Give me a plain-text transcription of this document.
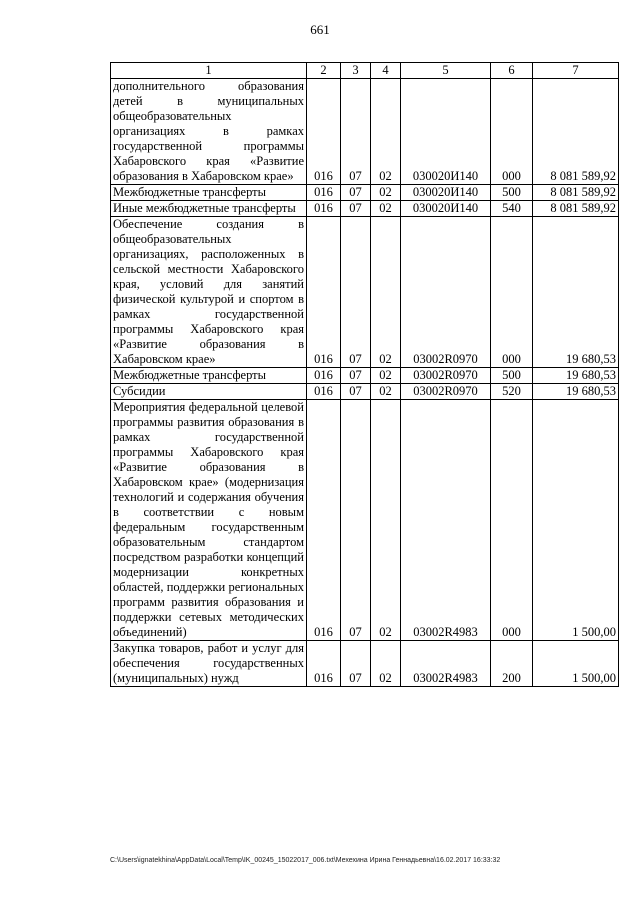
661
1	2	3	4	5	6	7
дополнительного образования детей в муниципальных общеобразовательных организациях в рамках государственной программы Хабаровского края «Развитие образования в Хабаровском крае»	016	07	02	030020И140	000	8 081 589,92
Межбюджетные трансферты	016	07	02	030020И140	500	8 081 589,92
Иные межбюджетные трансферты	016	07	02	030020И140	540	8 081 589,92
Обеспечение создания в общеобразовательных организациях, расположенных в сельской местности Хабаровского края, условий для занятий физической культурой и спортом в рамках государственной программы Хабаровского края «Развитие образования в Хабаровском крае»	016	07	02	03002R0970	000	19 680,53
Межбюджетные трансферты	016	07	02	03002R0970	500	19 680,53
Субсидии	016	07	02	03002R0970	520	19 680,53
Мероприятия федеральной целевой программы развития образования в рамках государственной программы Хабаровского края «Развитие образования в Хабаровском крае» (модернизация технологий и содержания обучения в соответствии с новым федеральным государственным образовательным стандартом посредством разработки концепций модернизации конкретных областей, поддержки региональных программ развития образования и поддержки сетевых методических объединений)	016	07	02	03002R4983	000	1 500,00
Закупка товаров, работ и услуг для обеспечения государственных (муниципальных) нужд	016	07	02	03002R4983	200	1 500,00
C:\Users\ignatekhina\AppData\Local\Temp\IK_00245_15022017_006.txt\Мехехина Ирина Геннадьевна\16.02.2017 16:33:32
